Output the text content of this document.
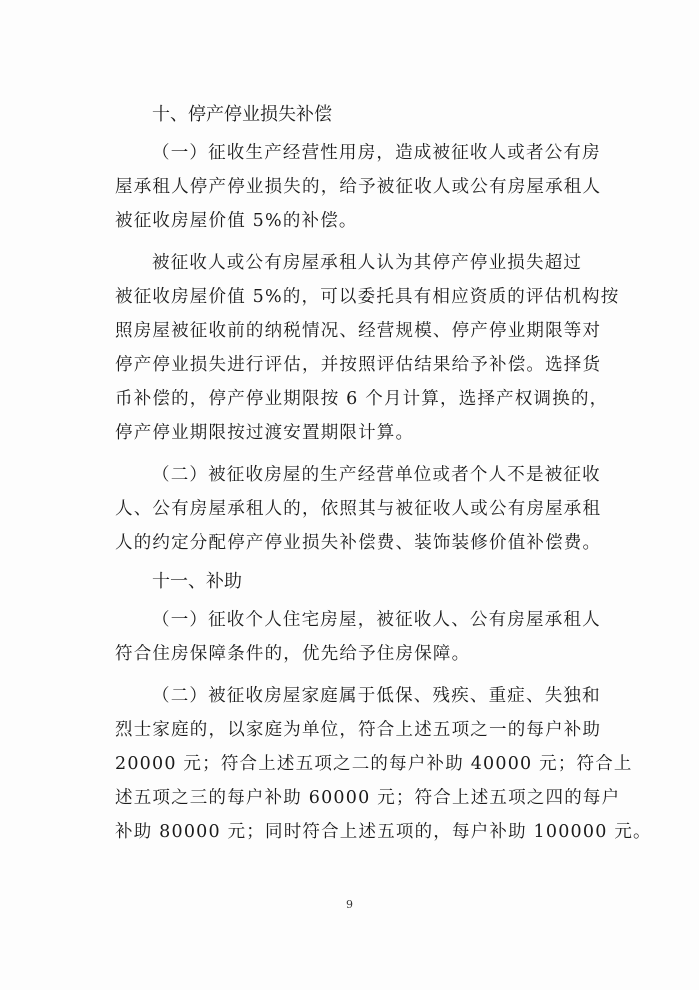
十、停产停业损失补偿
（一）征收生产经营性用房，造成被征收人或者公有房
屋承租人停产停业损失的，给予被征收人或公有房屋承租人
被征收房屋价值 5%的补偿。
被征收人或公有房屋承租人认为其停产停业损失超过
被征收房屋价值 5%的，可以委托具有相应资质的评估机构按
照房屋被征收前的纳税情况、经营规模、停产停业期限等对
停产停业损失进行评估，并按照评估结果给予补偿。选择货
币补偿的，停产停业期限按 6 个月计算，选择产权调换的，
停产停业期限按过渡安置期限计算。
（二）被征收房屋的生产经营单位或者个人不是被征收
人、公有房屋承租人的，依照其与被征收人或公有房屋承租
人的约定分配停产停业损失补偿费、装饰装修价值补偿费。
十一、补助
（一）征收个人住宅房屋，被征收人、公有房屋承租人
符合住房保障条件的，优先给予住房保障。
（二）被征收房屋家庭属于低保、残疾、重症、失独和
烈士家庭的，以家庭为单位，符合上述五项之一的每户补助
20000 元；符合上述五项之二的每户补助 40000 元；符合上
述五项之三的每户补助 60000 元；符合上述五项之四的每户
补助 80000 元；同时符合上述五项的，每户补助 100000 元。
9
